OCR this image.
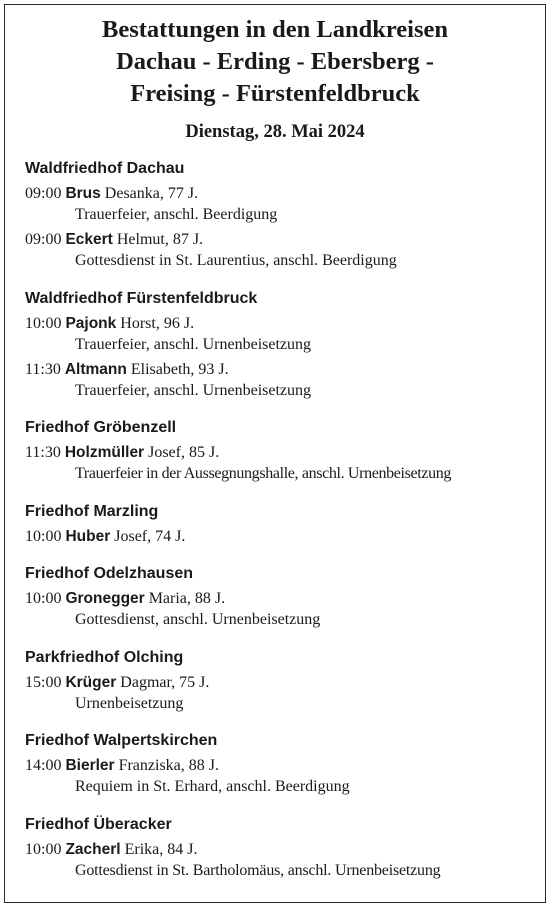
Bestattungen in den Landkreisen
Dachau - Erding - Ebersberg -
Freising - Fürstenfeldbruck
Dienstag, 28. Mai 2024
Waldfriedhof Dachau
09:00 Brus Desanka, 77 J.
Trauerfeier, anschl. Beerdigung
09:00 Eckert Helmut, 87 J.
Gottesdienst in St. Laurentius, anschl. Beerdigung
Waldfriedhof Fürstenfeldbruck
10:00 Pajonk Horst, 96 J.
Trauerfeier, anschl. Urnenbeisetzung
11:30 Altmann Elisabeth, 93 J.
Trauerfeier, anschl. Urnenbeisetzung
Friedhof Gröbenzell
11:30 Holzmüller Josef, 85 J.
Trauerfeier in der Aussegnungshalle, anschl. Urnenbeisetzung
Friedhof Marzling
10:00 Huber Josef, 74 J.
Friedhof Odelzhausen
10:00 Gronegger Maria, 88 J.
Gottesdienst, anschl. Urnenbeisetzung
Parkfriedhof Olching
15:00 Krüger Dagmar, 75 J.
Urnenbeisetzung
Friedhof Walpertskirchen
14:00 Bierler Franziska, 88 J.
Requiem in St. Erhard, anschl. Beerdigung
Friedhof Überacker
10:00 Zacherl Erika, 84 J.
Gottesdienst in St. Bartholomäus, anschl. Urnenbeisetzung
